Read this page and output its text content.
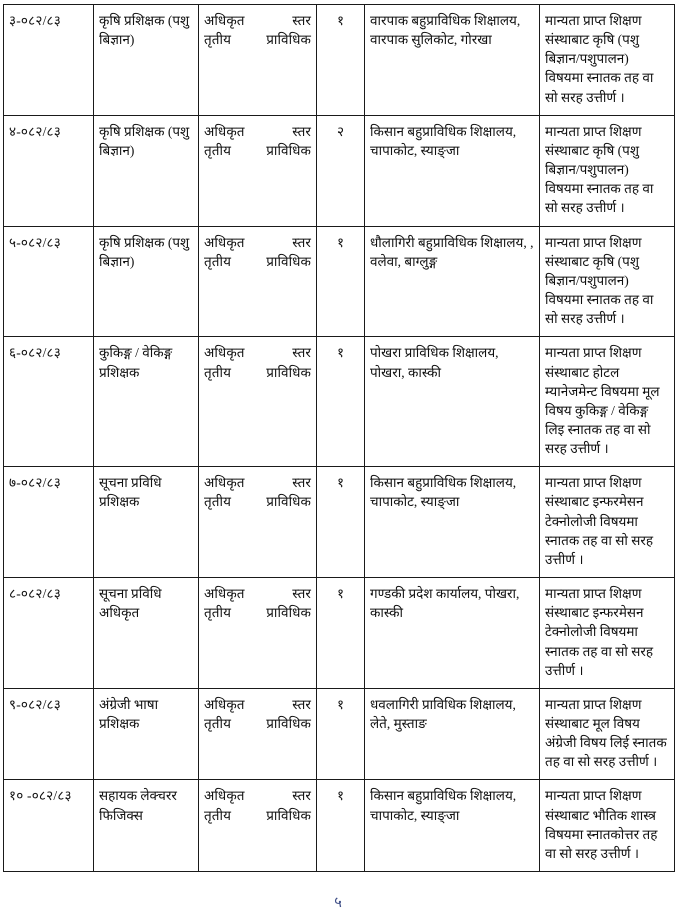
३-०८२/८३	कृषि प्रशिक्षक (पशु बिज्ञान)	अधिकृत स्तर
तृतीय प्राविधिक	१	वारपाक बहुप्राविधिक शिक्षालय, वारपाक सुलिकोट, गोरखा	मान्यता प्राप्त शिक्षण संस्थाबाट कृषि (पशु बिज्ञान/पशुपालन) विषयमा स्नातक तह वा सो सरह उत्तीर्ण ।
४-०८२/८३	कृषि प्रशिक्षक (पशु बिज्ञान)	अधिकृत स्तर
तृतीय प्राविधिक	२	किसान बहुप्राविधिक शिक्षालय, चापाकोट, स्याङ्जा	मान्यता प्राप्त शिक्षण संस्थाबाट कृषि (पशु बिज्ञान/पशुपालन) विषयमा स्नातक तह वा सो सरह उत्तीर्ण ।
५-०८२/८३	कृषि प्रशिक्षक (पशु बिज्ञान)	अधिकृत स्तर
तृतीय प्राविधिक	१	धौलागिरी बहुप्राविधिक शिक्षालय, , वलेवा, बाग्लुङ्ग	मान्यता प्राप्त शिक्षण संस्थाबाट कृषि (पशु बिज्ञान/पशुपालन) विषयमा स्नातक तह वा सो सरह उत्तीर्ण ।
६-०८२/८३	कुकिङ्ग / वेकिङ्ग प्रशिक्षक	अधिकृत स्तर
तृतीय प्राविधिक	१	पोखरा प्राविधिक शिक्षालय, पोखरा, कास्की	मान्यता प्राप्त शिक्षण संस्थाबाट होटल म्यानेजमेन्ट विषयमा मूल विषय कुकिङ्ग / वेकिङ्ग लिइ स्नातक तह वा सो सरह उत्तीर्ण ।
७-०८२/८३	सूचना प्रविधि प्रशिक्षक	अधिकृत स्तर
तृतीय प्राविधिक	१	किसान बहुप्राविधिक शिक्षालय, चापाकोट, स्याङ्जा	मान्यता प्राप्त शिक्षण संस्थाबाट इन्फरमेसन टेक्नोलोजी विषयमा स्नातक तह वा सो सरह उत्तीर्ण ।
८-०८२/८३	सूचना प्रविधि अधिकृत	अधिकृत स्तर
तृतीय प्राविधिक	१	गण्डकी प्रदेश कार्यालय, पोखरा, कास्की	मान्यता प्राप्त शिक्षण संस्थाबाट इन्फरमेसन टेक्नोलोजी विषयमा स्नातक तह वा सो सरह उत्तीर्ण ।
९-०८२/८३	अंग्रेजी भाषा प्रशिक्षक	अधिकृत स्तर
तृतीय प्राविधिक	१	धवलागिरी प्राविधिक शिक्षालय, लेते, मुस्ताङ	मान्यता प्राप्त शिक्षण संस्थाबाट मूल विषय अंग्रेजी विषय लिई स्नातक तह वा सो सरह उत्तीर्ण ।
१० -०८२/८३	सहायक लेक्चरर फिजिक्स	अधिकृत स्तर
तृतीय प्राविधिक	१	किसान बहुप्राविधिक शिक्षालय, चापाकोट, स्याङ्जा	मान्यता प्राप्त शिक्षण संस्थाबाट भौतिक शास्त्र विषयमा स्नातकोत्तर तह वा सो सरह उत्तीर्ण ।
५
